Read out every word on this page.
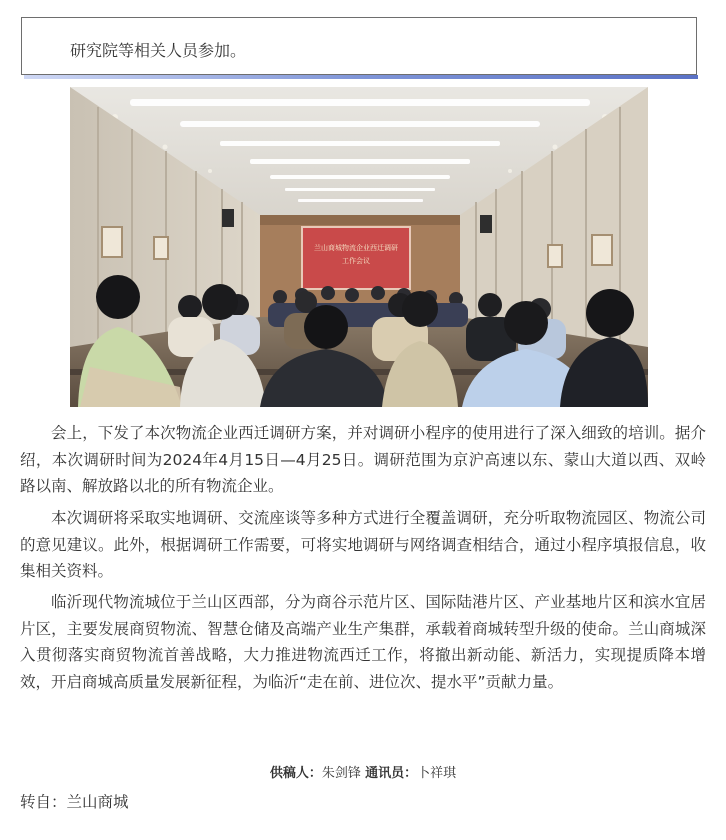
研究院等相关人员参加。
兰山商城物流企业西迁调研
工作会议

会上，下发了本次物流企业西迁调研方案，并对调研小程序的使用进行了深入细致的培训。据介绍，本次调研时间为2024年4月15日—4月25日。调研范围为京沪高速以东、蒙山大道以西、双岭路以南、解放路以北的所有物流企业。

本次调研将采取实地调研、交流座谈等多种方式进行全覆盖调研，充分听取物流园区、物流公司的意见建议。此外，根据调研工作需要，可将实地调研与网络调查相结合，通过小程序填报信息，收集相关资料。

临沂现代物流城位于兰山区西部，分为商谷示范片区、国际陆港片区、产业基地片区和滨水宜居片区，主要发展商贸物流、智慧仓储及高端产业生产集群，承载着商城转型升级的使命。兰山商城深入贯彻落实商贸物流首善战略，大力推进物流西迁工作，将撤出新动能、新活力，实现提质降本增效，开启商城高质量发展新征程，为临沂“走在前、进位次、提水平”贡献力量。

供稿人：朱剑锋 通讯员：卜祥琪
转自：兰山商城
